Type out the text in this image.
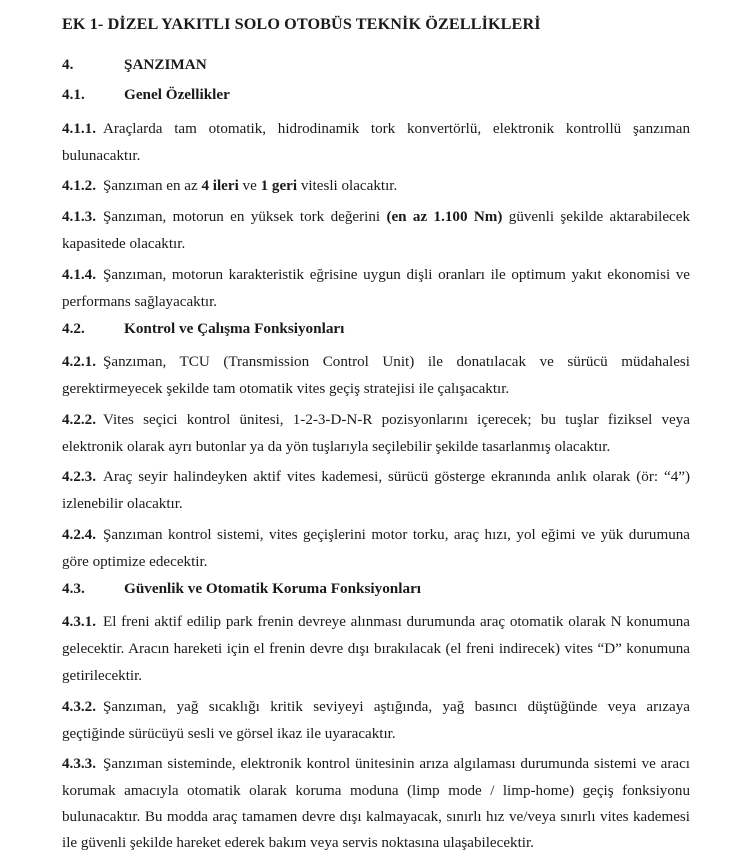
EK 1- DİZEL YAKITLI SOLO OTOBÜS TEKNİK ÖZELLİKLERİ
4.	ŞANZIMAN
4.1.	Genel Özellikler

4.1.1. Araçlarda tam otomatik, hidrodinamik tork konvertörlü, elektronik kontrollü şanzıman bulunacaktır.

4.1.2. Şanzıman en az 4 ileri ve 1 geri vitesli olacaktır.

4.1.3. Şanzıman, motorun en yüksek tork değerini (en az 1.100 Nm) güvenli şekilde aktarabilecek kapasitede olacaktır.

4.1.4. Şanzıman, motorun karakteristik eğrisine uygun dişli oranları ile optimum yakıt ekonomisi ve performans sağlayacaktır.

4.2.	Kontrol ve Çalışma Fonksiyonları

4.2.1. Şanzıman, TCU (Transmission Control Unit) ile donatılacak ve sürücü müdahalesi gerektirmeyecek şekilde tam otomatik vites geçiş stratejisi ile çalışacaktır.

4.2.2. Vites seçici kontrol ünitesi, 1-2-3-D-N-R pozisyonlarını içerecek; bu tuşlar fiziksel veya elektronik olarak ayrı butonlar ya da yön tuşlarıyla seçilebilir şekilde tasarlanmış olacaktır.

4.2.3. Araç seyir halindeyken aktif vites kademesi, sürücü gösterge ekranında anlık olarak (ör: “4”) izlenebilir olacaktır.

4.2.4. Şanzıman kontrol sistemi, vites geçişlerini motor torku, araç hızı, yol eğimi ve yük durumuna göre optimize edecektir.

4.3.	Güvenlik ve Otomatik Koruma Fonksiyonları

4.3.1. El freni aktif edilip park frenin devreye alınması durumunda araç otomatik olarak N konumuna gelecektir. Aracın hareketi için el frenin devre dışı bırakılacak (el freni indirecek) vites “D” konumuna getirilecektir.

4.3.2. Şanzıman, yağ sıcaklığı kritik seviyeyi aştığında, yağ basıncı düştüğünde veya arızaya geçtiğinde sürücüyü sesli ve görsel ikaz ile uyaracaktır.

4.3.3. Şanzıman sisteminde, elektronik kontrol ünitesinin arıza algılaması durumunda sistemi ve aracı korumak amacıyla otomatik olarak koruma moduna (limp mode / limp-home) geçiş fonksiyonu bulunacaktır. Bu modda araç tamamen devre dışı kalmayacak, sınırlı hız ve/veya sınırlı vites kademesi ile güvenli şekilde hareket ederek bakım veya servis noktasına ulaşabilecektir.
